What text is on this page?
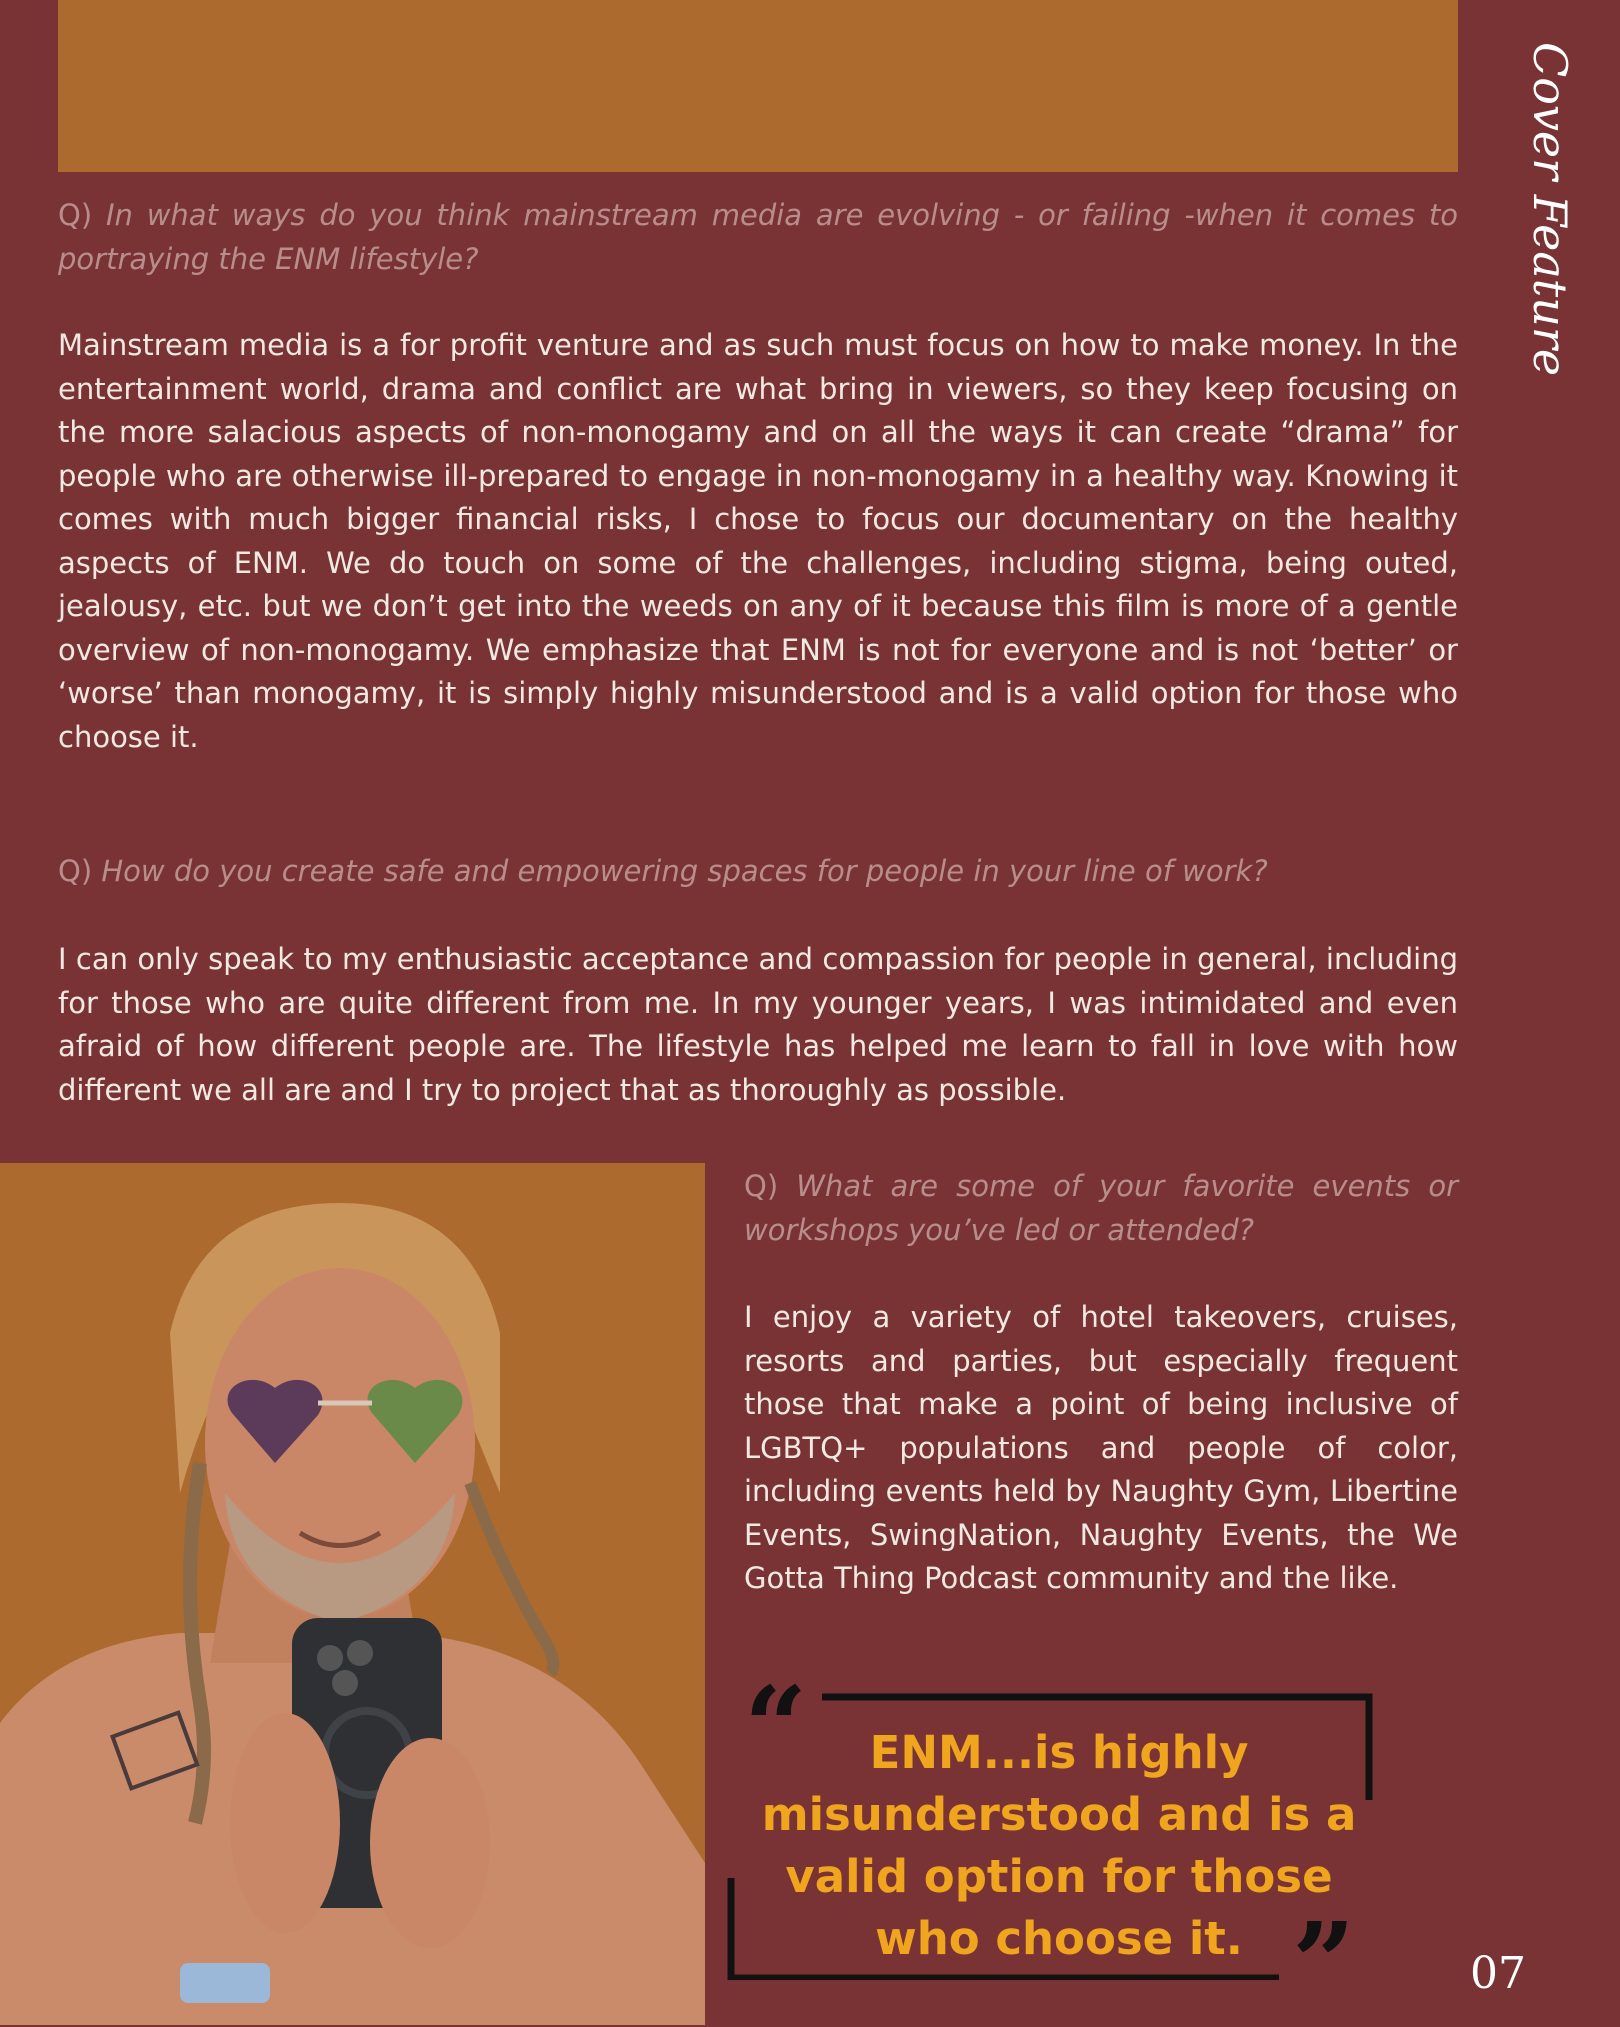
Cover Feature

Q) In what ways do you think mainstream media are evolving - or failing -when it comes to portraying the ENM lifestyle?

Mainstream media is a for profit venture and as such must focus on how to make money. In the entertainment world, drama and conflict are what bring in viewers, so they keep focusing on the more salacious aspects of non-monogamy and on all the ways it can create “drama” for people who are otherwise ill-prepared to engage in non-monogamy in a healthy way. Knowing it comes with much bigger financial risks, I chose to focus our documentary on the healthy aspects of ENM. We do touch on some of the challenges, including stigma, being outed, jealousy, etc. but we don’t get into the weeds on any of it because this film is more of a gentle overview of non-monogamy. We emphasize that ENM is not for everyone and is not ‘better’ or ‘worse’ than monogamy, it is simply highly misunderstood and is a valid option for those who choose it.

Q) How do you create safe and empowering spaces for people in your line of work?

I can only speak to my enthusiastic acceptance and compassion for people in general, including for those who are quite different from me. In my younger years, I was intimidated and even afraid of how different people are. The lifestyle has helped me learn to fall in love with how different we all are and I try to project that as thoroughly as possible.

Q) What are some of your favorite events or workshops you’ve led or attended?

I enjoy a variety of hotel takeovers, cruises, resorts and parties, but especially frequent those that make a point of being inclusive of LGBTQ+ populations and people of color, including events held by Naughty Gym, Libertine Events, SwingNation, Naughty Events, the We Gotta Thing Podcast community and the like.

“	ENM...is highly misunderstood and is a valid option for those who choose it. ”	07
